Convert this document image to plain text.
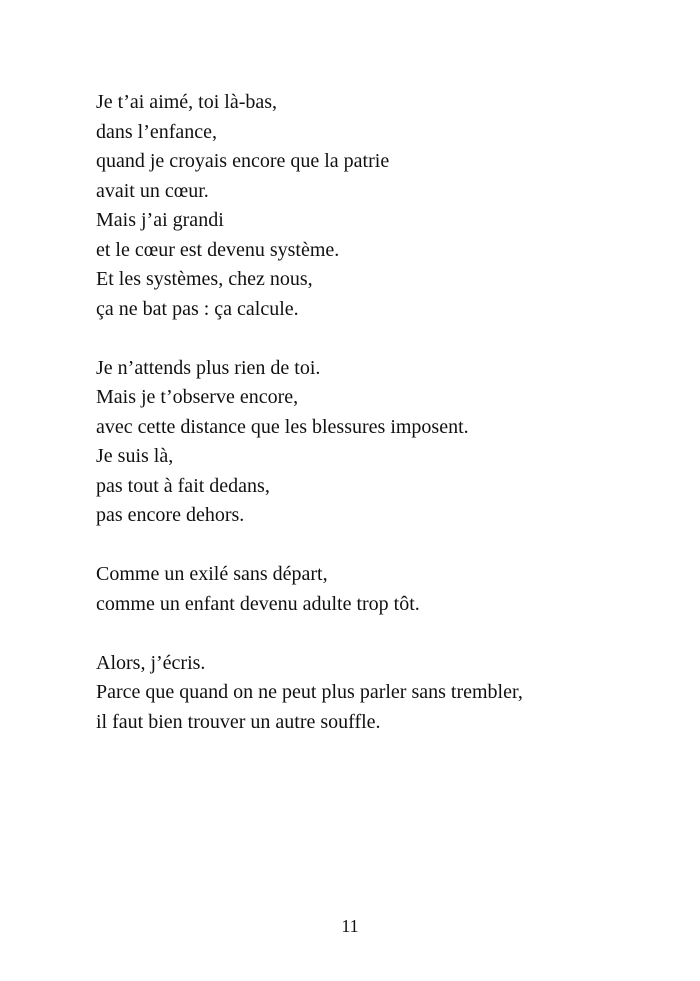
Je t’ai aimé, toi là-bas,
dans l’enfance,
quand je croyais encore que la patrie
avait un cœur.
Mais j’ai grandi
et le cœur est devenu système.
Et les systèmes, chez nous,
ça ne bat pas : ça calcule.
Je n’attends plus rien de toi.
Mais je t’observe encore,
avec cette distance que les blessures imposent.
Je suis là,
pas tout à fait dedans,
pas encore dehors.
Comme un exilé sans départ,
comme un enfant devenu adulte trop tôt.
Alors, j’écris.
Parce que quand on ne peut plus parler sans trembler,
il faut bien trouver un autre souffle.
11
